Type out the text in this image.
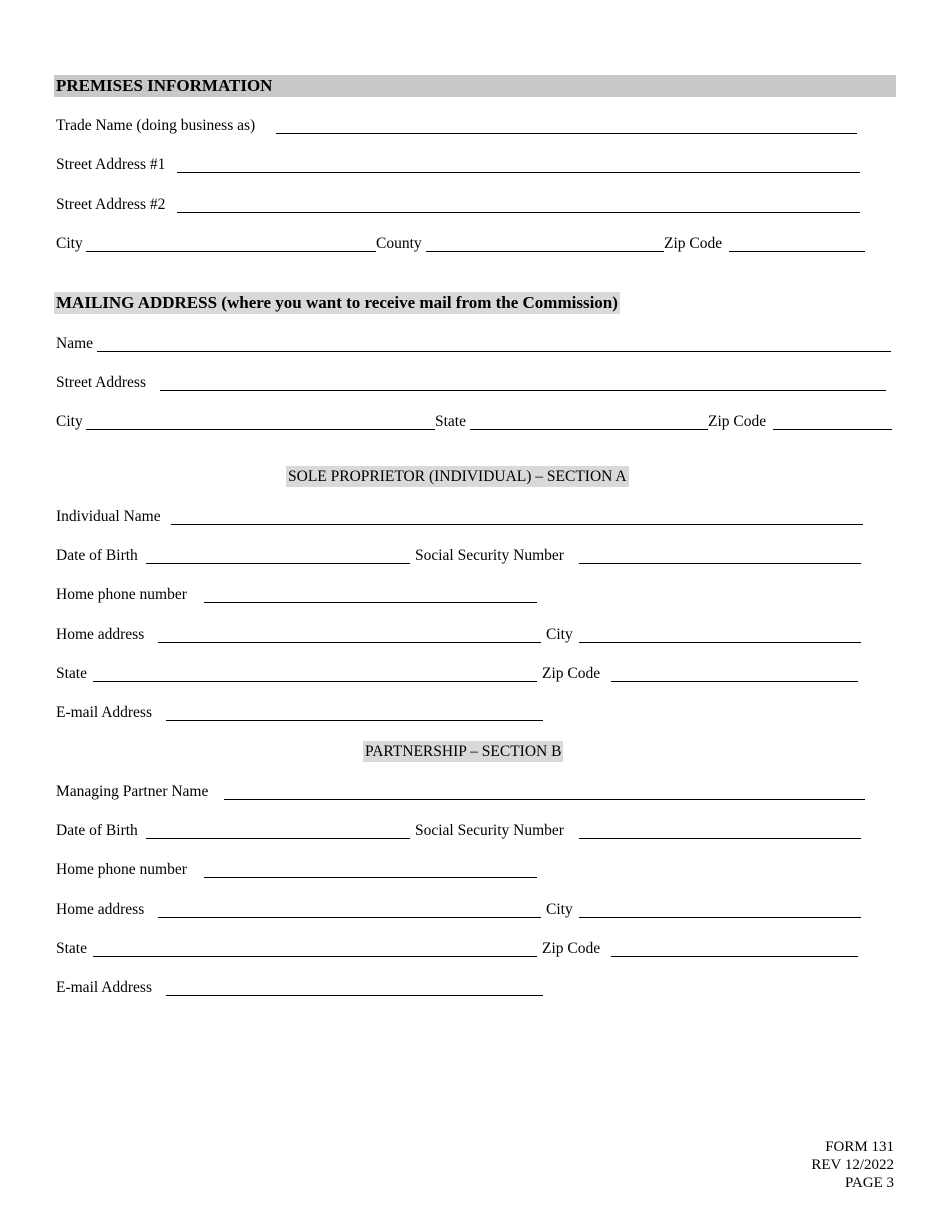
PREMISES INFORMATION
Trade Name (doing business as)
Street Address #1
Street Address #2
City	County	Zip Code
MAILING ADDRESS (where you want to receive mail from the Commission)
Name
Street Address
City	State	Zip Code
SOLE PROPRIETOR (INDIVIDUAL) – SECTION A
Individual Name
Date of Birth	Social Security Number
Home phone number
Home address	City
State	Zip Code
E-mail Address
PARTNERSHIP – SECTION B
Managing Partner Name
Date of Birth	Social Security Number
Home phone number
Home address	City
State	Zip Code
E-mail Address
FORM 131
REV 12/2022
PAGE 3
